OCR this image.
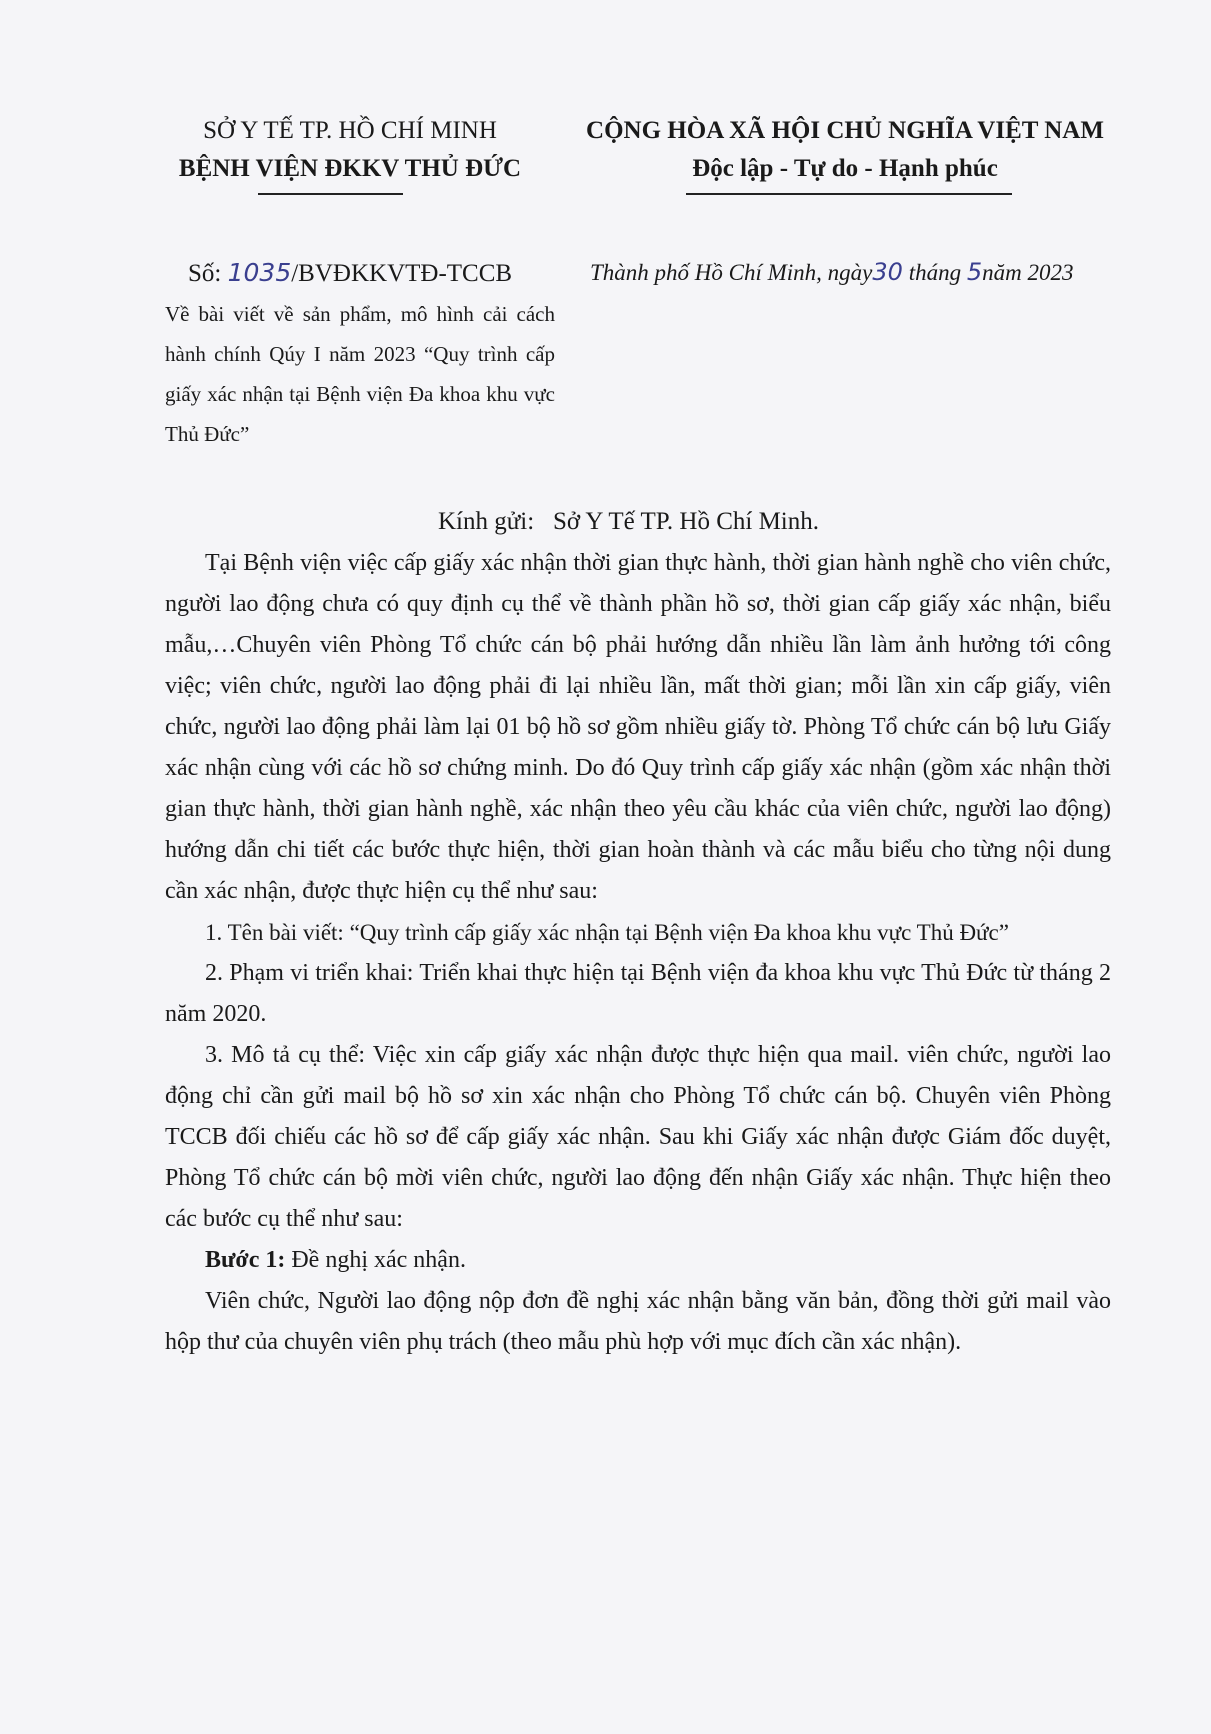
SỞ Y TẾ TP. HỒ CHÍ MINH
BỆNH VIỆN ĐKKV THỦ ĐỨC
CỘNG HÒA XÃ HỘI CHỦ NGHĨA VIỆT NAM
Độc lập - Tự do - Hạnh phúc
Số: 1035/BVĐKKVTĐ-TCCB
Về bài viết về sản phẩm, mô hình cải cách hành chính Qúy I năm 2023 “Quy trình cấp giấy xác nhận tại Bệnh viện Đa khoa khu vực Thủ Đức”
Thành phố Hồ Chí Minh, ngày30 tháng 5năm 2023
Kính gửi: Sở Y Tế TP. Hồ Chí Minh.

Tại Bệnh viện việc cấp giấy xác nhận thời gian thực hành, thời gian hành nghề cho viên chức, người lao động chưa có quy định cụ thể về thành phần hồ sơ, thời gian cấp giấy xác nhận, biểu mẫu,…Chuyên viên Phòng Tổ chức cán bộ phải hướng dẫn nhiều lần làm ảnh hưởng tới công việc; viên chức, người lao động phải đi lại nhiều lần, mất thời gian; mỗi lần xin cấp giấy, viên chức, người lao động phải làm lại 01 bộ hồ sơ gồm nhiều giấy tờ. Phòng Tổ chức cán bộ lưu Giấy xác nhận cùng với các hồ sơ chứng minh. Do đó Quy trình cấp giấy xác nhận (gồm xác nhận thời gian thực hành, thời gian hành nghề, xác nhận theo yêu cầu khác của viên chức, người lao động) hướng dẫn chi tiết các bước thực hiện, thời gian hoàn thành và các mẫu biểu cho từng nội dung cần xác nhận, được thực hiện cụ thể như sau:

1. Tên bài viết: “Quy trình cấp giấy xác nhận tại Bệnh viện Đa khoa khu vực Thủ Đức”

2. Phạm vi triển khai: Triển khai thực hiện tại Bệnh viện đa khoa khu vực Thủ Đức từ tháng 2 năm 2020.

3. Mô tả cụ thể: Việc xin cấp giấy xác nhận được thực hiện qua mail. viên chức, người lao động chỉ cần gửi mail bộ hồ sơ xin xác nhận cho Phòng Tổ chức cán bộ. Chuyên viên Phòng TCCB đối chiếu các hồ sơ để cấp giấy xác nhận. Sau khi Giấy xác nhận được Giám đốc duyệt, Phòng Tổ chức cán bộ mời viên chức, người lao động đến nhận Giấy xác nhận. Thực hiện theo các bước cụ thể như sau:

Bước 1: Đề nghị xác nhận.

Viên chức, Người lao động nộp đơn đề nghị xác nhận bằng văn bản, đồng thời gửi mail vào hộp thư của chuyên viên phụ trách (theo mẫu phù hợp với mục đích cần xác nhận).
